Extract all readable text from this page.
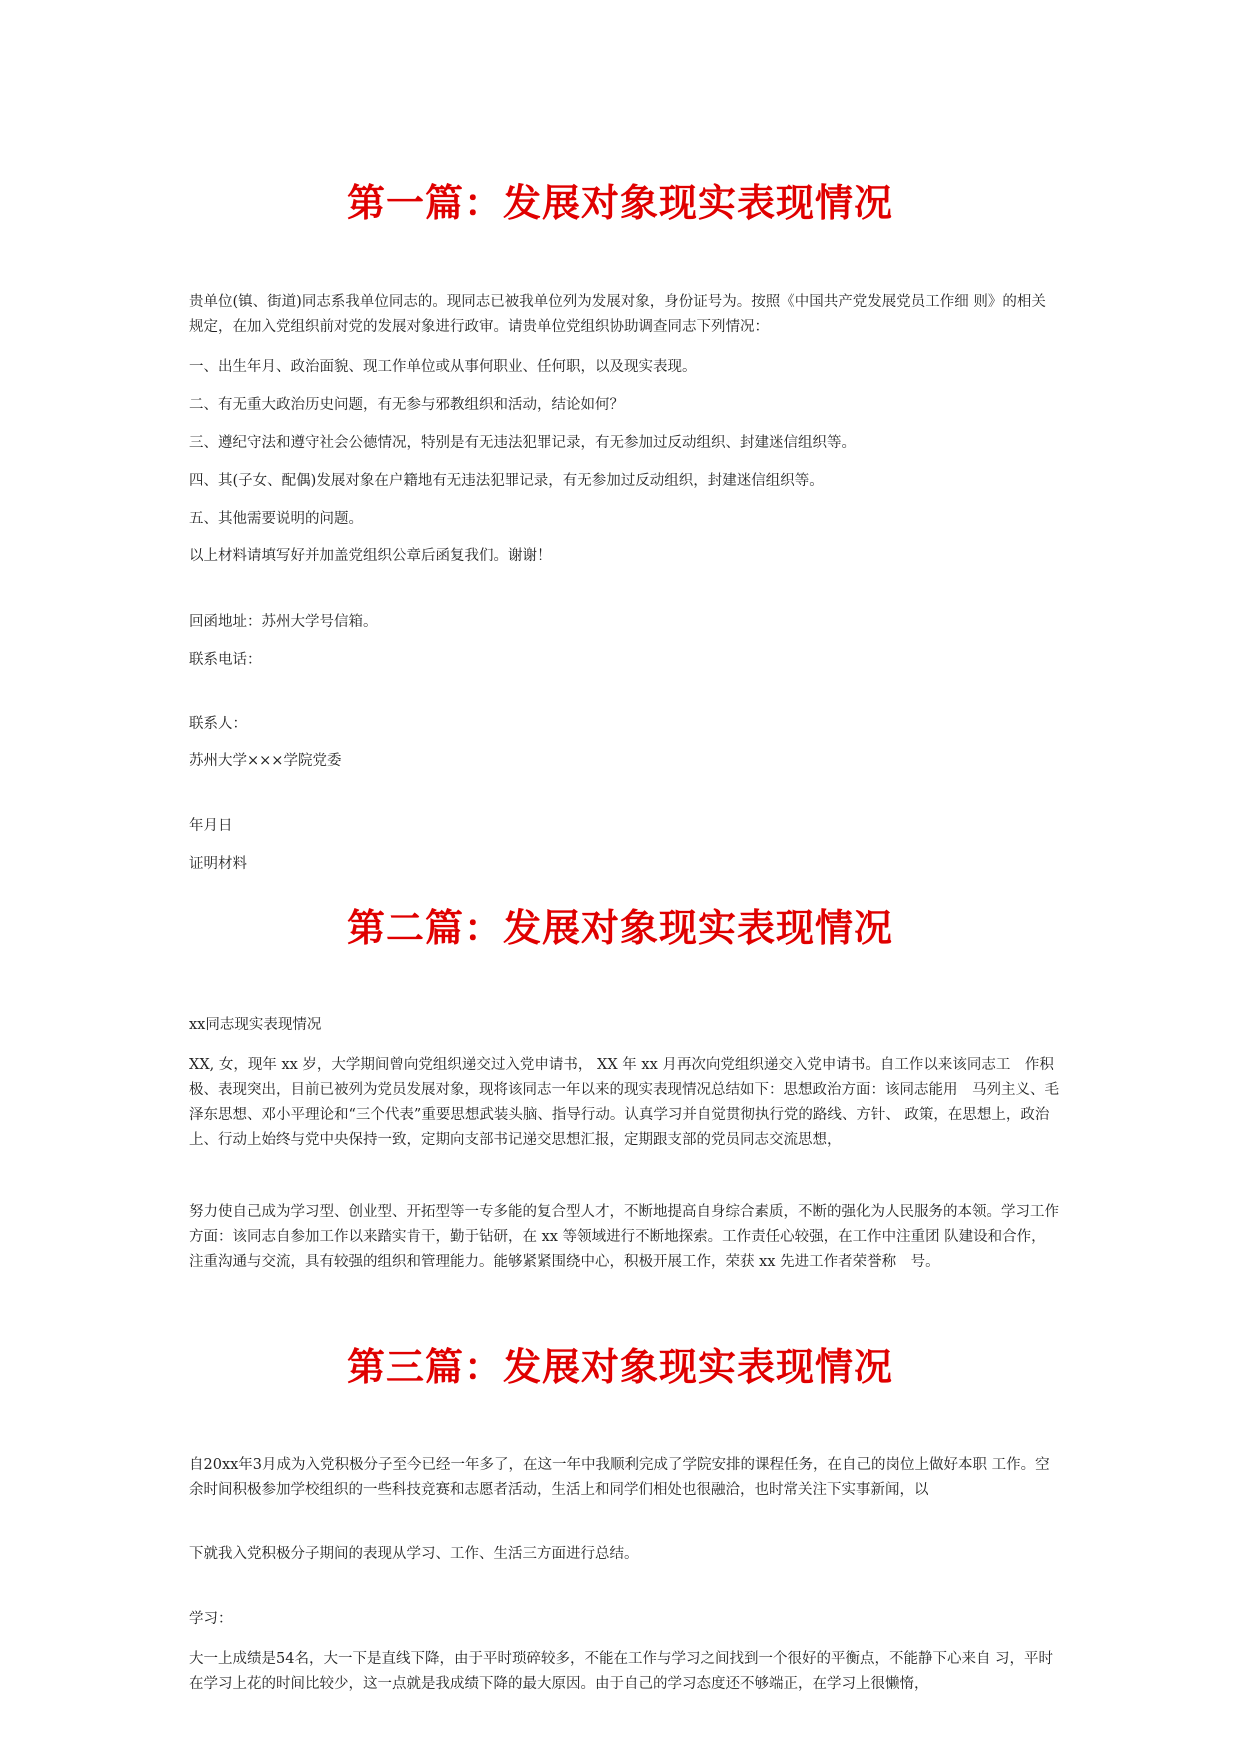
第一篇：发展对象现实表现情况

贵单位(镇、街道)同志系我单位同志的。现同志已被我单位列为发展对象，身份证号为。按照《中国共产党发展党员工作细 则》的相关规定，在加入党组织前对党的发展对象进行政审。请贵单位党组织协助调查同志下列情况：

一、出生年月、政治面貌、现工作单位或从事何职业、任何职，以及现实表现。

二、有无重大政治历史问题，有无参与邪教组织和活动，结论如何？

三、遵纪守法和遵守社会公德情况，特别是有无违法犯罪记录，有无参加过反动组织、封建迷信组织等。

四、其(子女、配偶)发展对象在户籍地有无违法犯罪记录，有无参加过反动组织，封建迷信组织等。

五、其他需要说明的问题。

以上材料请填写好并加盖党组织公章后函复我们。谢谢！

回函地址：苏州大学号信箱。

联系电话：

联系人：

苏州大学×××学院党委

年月日

证明材料

第二篇：发展对象现实表现情况

xx同志现实表现情况

XX, 女，现年 xx 岁，大学期间曾向党组织递交过入党申请书， XX 年 xx 月再次向党组织递交入党申请书。自工作以来该同志工　作积极、表现突出，目前已被列为党员发展对象，现将该同志一年以来的现实表现情况总结如下：思想政治方面：该同志能用　马列主义、毛泽东思想、邓小平理论和“三个代表”重要思想武装头脑、指导行动。认真学习并自觉贯彻执行党的路线、方针、 政策，在思想上，政治上、行动上始终与党中央保持一致，定期向支部书记递交思想汇报，定期跟支部的党员同志交流思想，

努力使自己成为学习型、创业型、开拓型等一专多能的复合型人才，不断地提高自身综合素质，不断的强化为人民服务的本领。学习工作方面：该同志自参加工作以来踏实肯干，勤于钻研，在 xx 等领域进行不断地探索。工作责任心较强，在工作中注重团 队建设和合作，注重沟通与交流，具有较强的组织和管理能力。能够紧紧围绕中心，积极开展工作，荣获 xx 先进工作者荣誉称　号。

第三篇：发展对象现实表现情况

自20xx年3月成为入党积极分子至今已经一年多了，在这一年中我顺利完成了学院安排的课程任务，在自己的岗位上做好本职 工作。空余时间积极参加学校组织的一些科技竞赛和志愿者活动，生活上和同学们相处也很融洽，也时常关注下实事新闻，以

下就我入党积极分子期间的表现从学习、工作、生活三方面进行总结。

学习：

大一上成绩是54名，大一下是直线下降，由于平时琐碎较多，不能在工作与学习之间找到一个很好的平衡点，不能静下心来自 习，平时在学习上花的时间比较少，这一点就是我成绩下降的最大原因。由于自己的学习态度还不够端正，在学习上很懒惰，
